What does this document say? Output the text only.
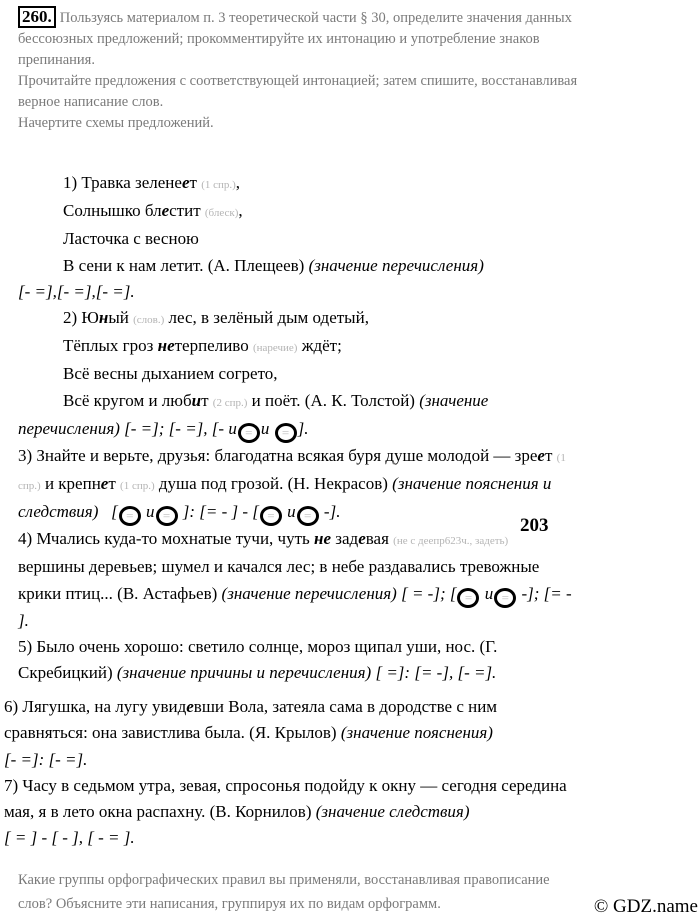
260. Пользуясь материалом п. 3 теоретической части § 30, определите значения данных
бессоюзных предложений; прокомментируйте их интонацию и употребление знаков
препинания.
Прочитайте предложения с соответствующей интонацией; затем спишите, восстанавливая
верное написание слов.
Начертите схемы предложений.
1) Травка зеленеет (1 спр.),
Солнышко блестит (блеск),
Ласточка с весною
В сени к нам летит. (А. Плещеев) (значение перечисления)
[- =],[- =],[- =].
2) Юный (слов.) лес, в зелёный дым одетый,
Тёплых гроз нетерпеливо (наречие) ждёт;
Всё весны дыханием согрето,
Всё кругом и любит (2 спр.) и поёт. (А. К. Толстой) (значение
перечисления) [- =]; [- =], [- и = и = ].
3) Знайте и верьте, друзья: благодатна всякая буря душе молодой — зреет (1
спр.) и крепнет (1 спр.) душа под грозой. (Н. Некрасов) (значение пояснения и
следствия) [ = и = ]: [= - ] - [ = и = -].
4) Мчались куда-то мохнатые тучи, чуть не задевая (не с деепр623ч., задеть)
вершины деревьев; шумел и качался лес; в небе раздавались тревожные
крики птиц... (В. Астафьев) (значение перечисления) [ = -]; [ = и = -]; [= -
].
5) Было очень хорошо: светило солнце, мороз щипал уши, нос. (Г.
Скребицкий) (значение причины и перечисления) [ =]: [= -], [- =].
6) Лягушка, на лугу увидевши Вола, затеяла сама в дородстве с ним
сравняться: она завистлива была. (Я. Крылов) (значение пояснения)
[- =]: [- =].
7) Часу в седьмом утра, зевая, спросонья подойду к окну — сегодня середина
мая, я в лето окна распахну. (В. Корнилов) (значение следствия)
[ = ] - [ - ], [ - = ].
203
Какие группы орфографических правил вы применяли, восстанавливая правописание
слов? Объясните эти написания, группируя их по видам орфограмм.	© GDZ.name
